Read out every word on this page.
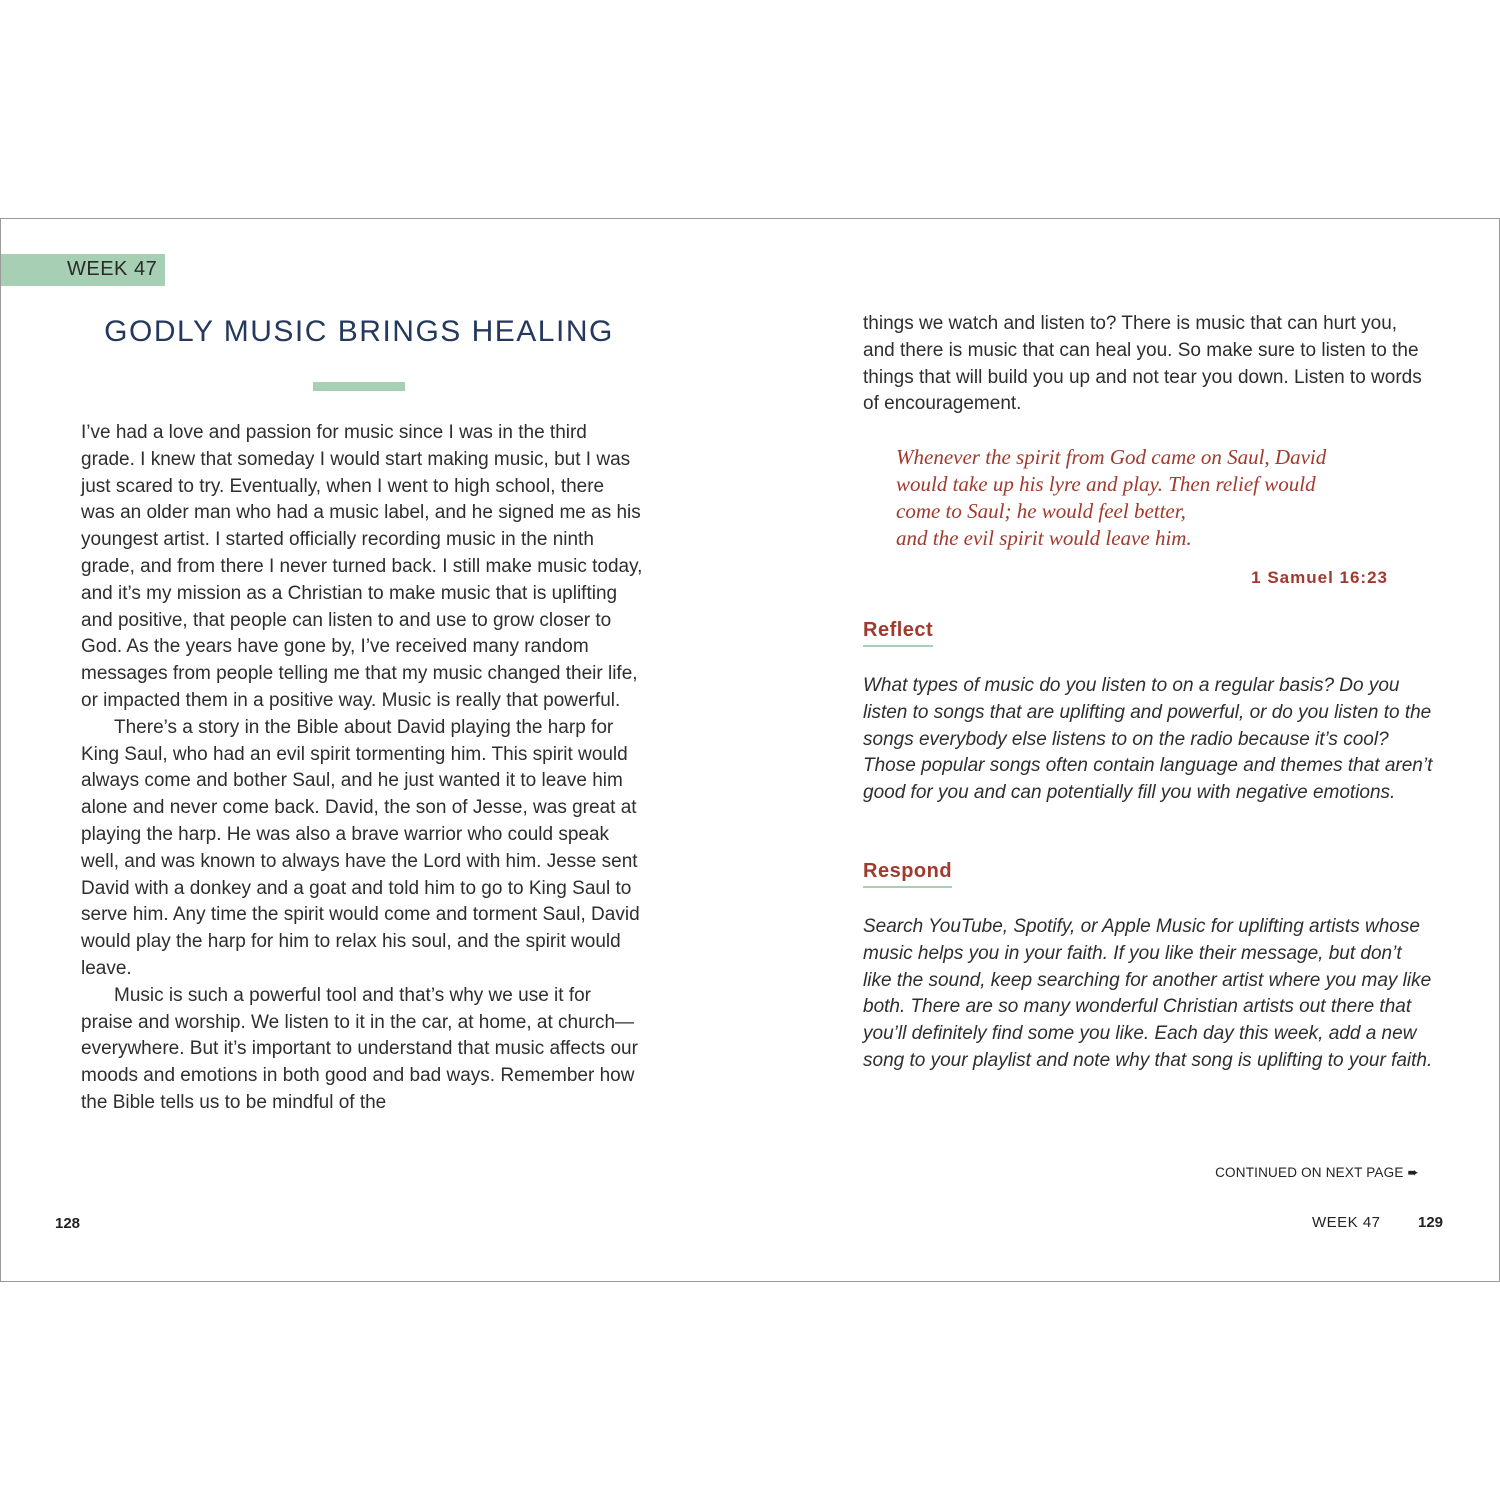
WEEK 47
GODLY MUSIC BRINGS HEALING

I’ve had a love and passion for music since I was in the third grade. I knew that someday I would start making music, but I was just scared to try. Eventually, when I went to high school, there was an older man who had a music label, and he signed me as his youngest artist. I started officially recording music in the ninth grade, and from there I never turned back. I still make music today, and it’s my mission as a Christian to make music that is uplifting and positive, that people can listen to and use to grow closer to God. As the years have gone by, I’ve received many random messages from people telling me that my music changed their life, or impacted them in a positive way. Music is really that powerful.

There’s a story in the Bible about David playing the harp for King Saul, who had an evil spirit tormenting him. This spirit would always come and bother Saul, and he just wanted it to leave him alone and never come back. David, the son of Jesse, was great at playing the harp. He was also a brave warrior who could speak well, and was known to always have the Lord with him. Jesse sent David with a donkey and a goat and told him to go to King Saul to serve him. Any time the spirit would come and torment Saul, David would play the harp for him to relax his soul, and the spirit would leave.

Music is such a powerful tool and that’s why we use it for praise and worship. We listen to it in the car, at home, at church—everywhere. But it’s important to understand that music affects our moods and emotions in both good and bad ways. Remember how the Bible tells us to be mindful of the

128
things we watch and listen to? There is music that can hurt you, and there is music that can heal you. So make sure to listen to the things that will build you up and not tear you down. Listen to words of encouragement.
Whenever the spirit from God came on Saul, David
would take up his lyre and play. Then relief would
come to Saul; he would feel better,
and the evil spirit would leave him.
1 Samuel 16:23
Reflect
What types of music do you listen to on a regular basis? Do you listen to songs that are uplifting and powerful, or do you listen to the songs everybody else listens to on the radio because it’s cool? Those popular songs often contain language and themes that aren’t good for you and can potentially fill you with negative emotions.
Respond
Search YouTube, Spotify, or Apple Music for uplifting artists whose music helps you in your faith. If you like their message, but don’t like the sound, keep searching for another artist where you may like both. There are so many wonderful Christian artists out there that you’ll definitely find some you like. Each day this week, add a new song to your playlist and note why that song is uplifting to your faith.
CONTINUED ON NEXT PAGE ➨
WEEK 47 129
